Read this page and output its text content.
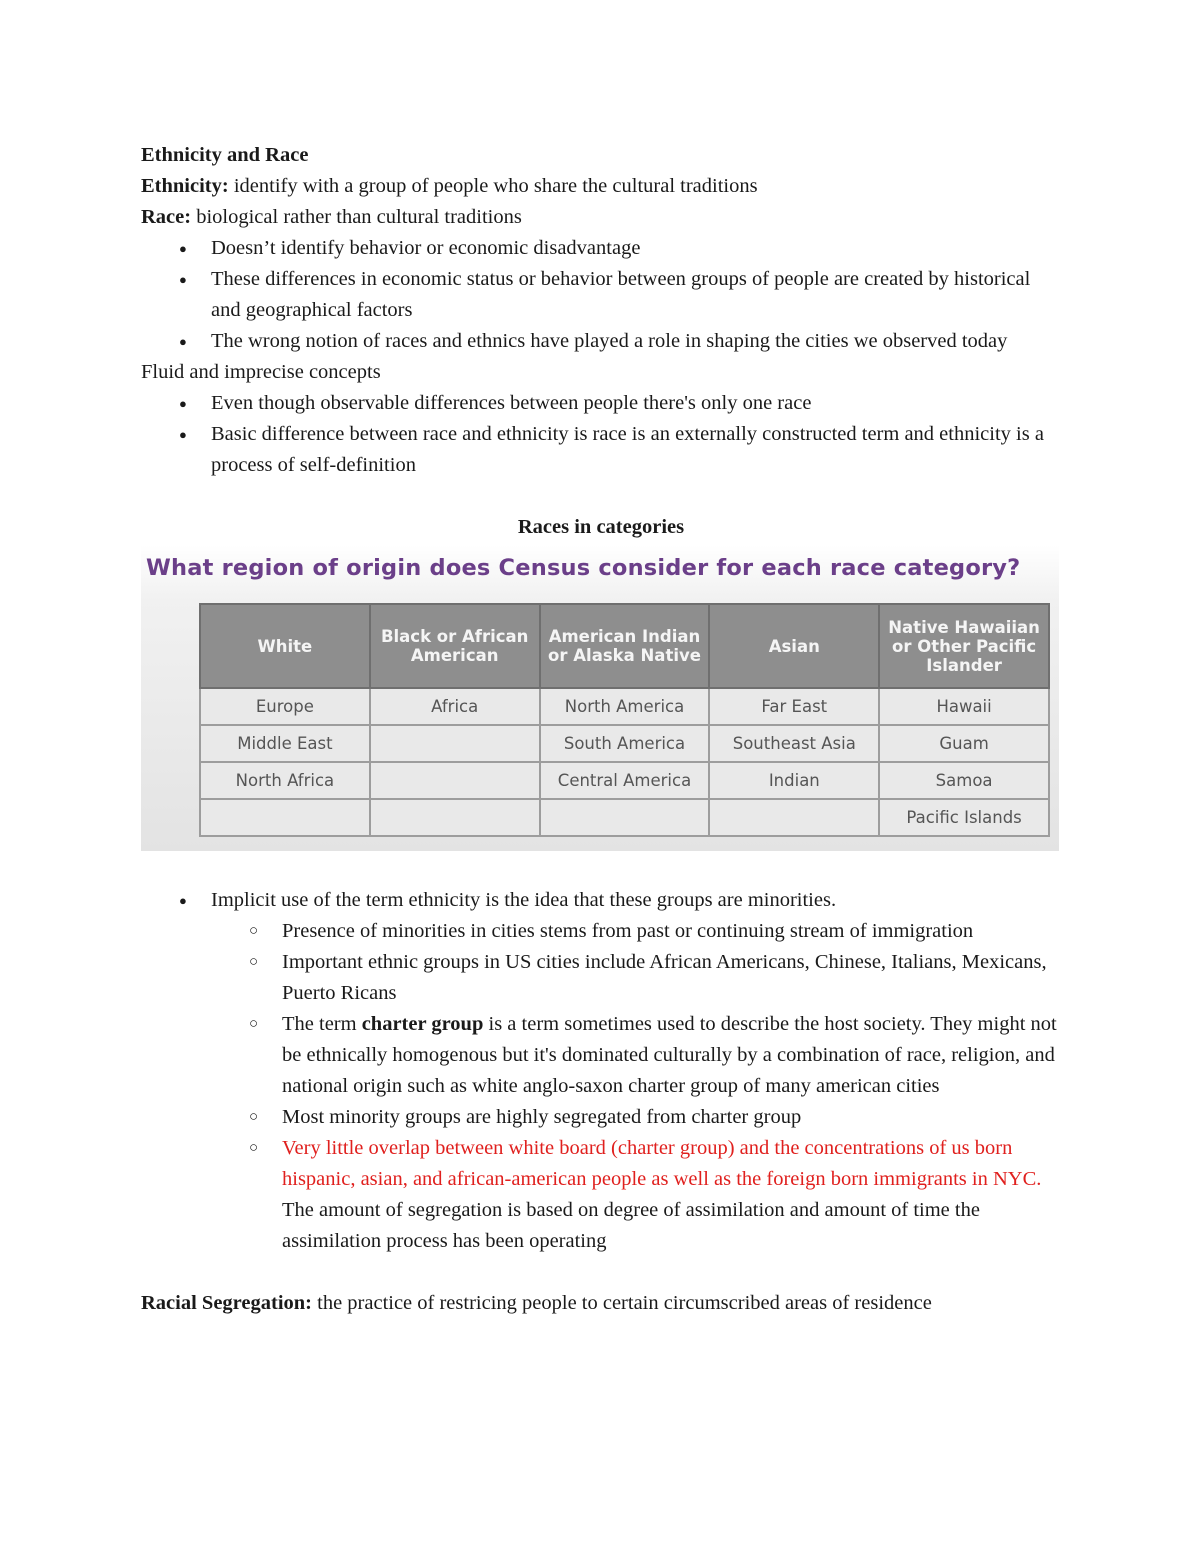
Ethnicity and Race

Ethnicity: identify with a group of people who share the cultural traditions

Race: biological rather than cultural traditions

● Doesn’t identify behavior or economic disadvantage
● These differences in economic status or behavior between groups of people are created by historical and geographical factors
● The wrong notion of races and ethnics have played a role in shaping the cities we observed today

Fluid and imprecise concepts

● Even though observable differences between people there's only one race
● Basic difference between race and ethnicity is race is an externally constructed term and ethnicity is a process of self-definition

Races in categories

What region of origin does Census consider for each race category?
White	Black or African American	American Indian or Alaska Native	Asian	Native Hawaiian or Other Pacific Islander
Europe	Africa	North America	Far East	Hawaii
Middle East		South America	Southeast Asia	Guam
North Africa		Central America	Indian	Samoa
				Pacific Islands
● Implicit use of the term ethnicity is the idea that these groups are minorities.
○ Presence of minorities in cities stems from past or continuing stream of immigration
○ Important ethnic groups in US cities include African Americans, Chinese, Italians, Mexicans, Puerto Ricans
○ The term charter group is a term sometimes used to describe the host society. They might not be ethnically homogenous but it's dominated culturally by a combination of race, religion, and national origin such as white anglo-saxon charter group of many american cities
○ Most minority groups are highly segregated from charter group
○ Very little overlap between white board (charter group) and the concentrations of us born hispanic, asian, and african-american people as well as the foreign born immigrants in NYC. The amount of segregation is based on degree of assimilation and amount of time the assimilation process has been operating

Racial Segregation: the practice of restricing people to certain circumscribed areas of residence
